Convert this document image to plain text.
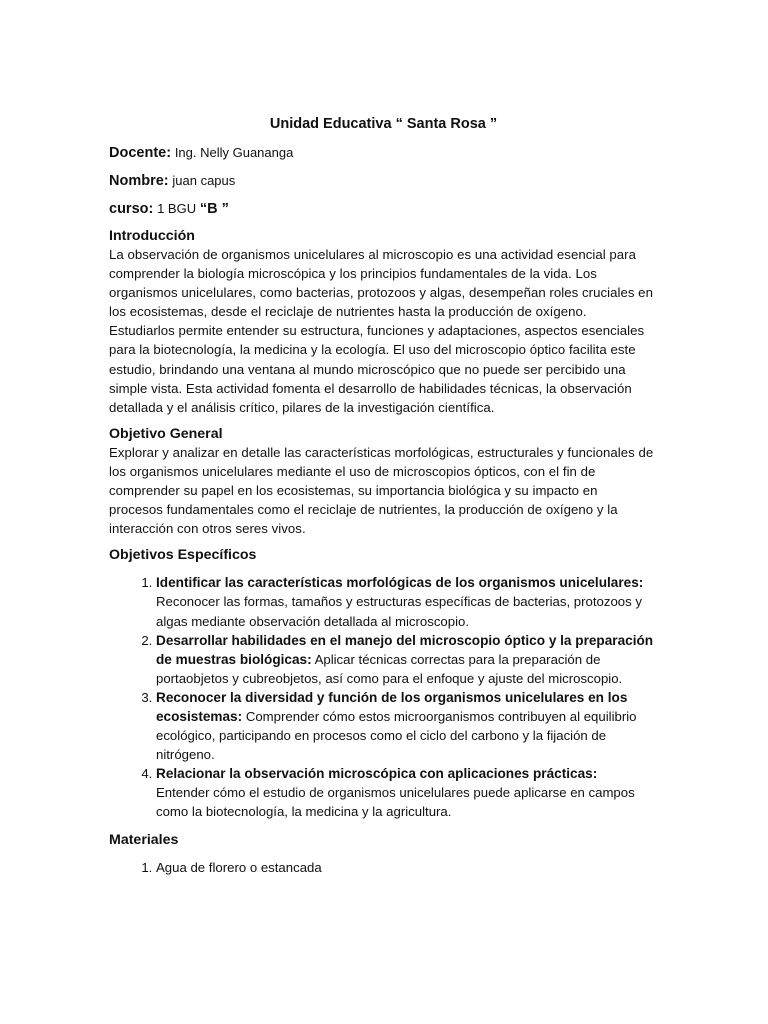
Unidad Educativa “ Santa Rosa ”
Docente: Ing. Nelly Guananga
Nombre: juan capus
curso: 1 BGU “B ”
Introducción

La observación de organismos unicelulares al microscopio es una actividad esencial para comprender la biología microscópica y los principios fundamentales de la vida. Los organismos unicelulares, como bacterias, protozoos y algas, desempeñan roles cruciales en los ecosistemas, desde el reciclaje de nutrientes hasta la producción de oxígeno. Estudiarlos permite entender su estructura, funciones y adaptaciones, aspectos esenciales para la biotecnología, la medicina y la ecología. El uso del microscopio óptico facilita este estudio, brindando una ventana al mundo microscópico que no puede ser percibido una simple vista. Esta actividad fomenta el desarrollo de habilidades técnicas, la observación detallada y el análisis crítico, pilares de la investigación científica.

Objetivo General

Explorar y analizar en detalle las características morfológicas, estructurales y funcionales de los organismos unicelulares mediante el uso de microscopios ópticos, con el fin de comprender su papel en los ecosistemas, su importancia biológica y su impacto en procesos fundamentales como el reciclaje de nutrientes, la producción de oxígeno y la interacción con otros seres vivos.

Objetivos Específicos
1. Identificar las características morfológicas de los organismos unicelulares: Reconocer las formas, tamaños y estructuras específicas de bacterias, protozoos y algas mediante observación detallada al microscopio.
2. Desarrollar habilidades en el manejo del microscopio óptico y la preparación de muestras biológicas: Aplicar técnicas correctas para la preparación de portaobjetos y cubreobjetos, así como para el enfoque y ajuste del microscopio.
3. Reconocer la diversidad y función de los organismos unicelulares en los ecosistemas: Comprender cómo estos microorganismos contribuyen al equilibrio ecológico, participando en procesos como el ciclo del carbono y la fijación de nitrógeno.
4. Relacionar la observación microscópica con aplicaciones prácticas: Entender cómo el estudio de organismos unicelulares puede aplicarse en campos como la biotecnología, la medicina y la agricultura.
Materiales
1. Agua de florero o estancada
